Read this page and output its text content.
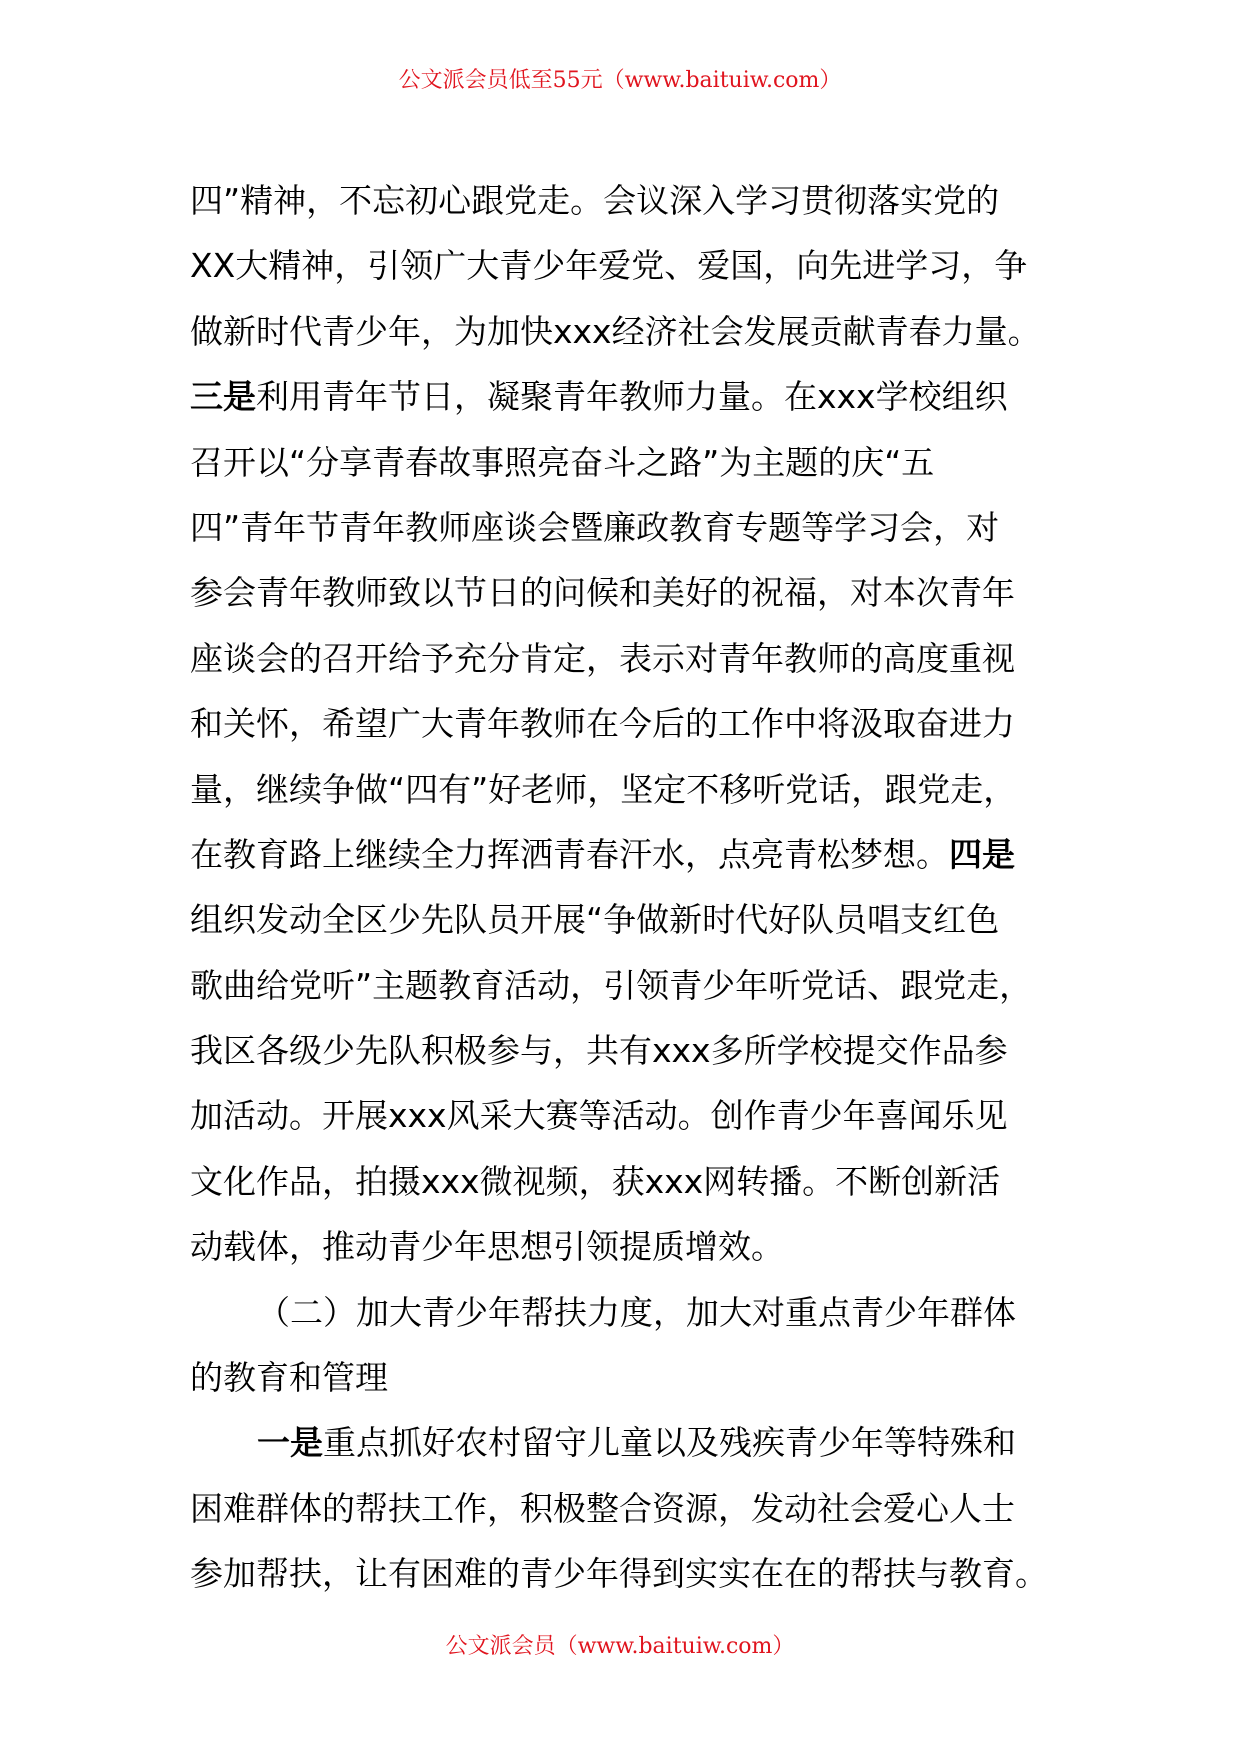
公文派会员低至55元（www.baituiw.com）
四”精神，不忘初心跟党走。会议深入学习贯彻落实党的
XX大精神，引领广大青少年爱党、爱国，向先进学习，争
做新时代青少年，为加快xxx经济社会发展贡献青春力量。
三是利用青年节日，凝聚青年教师力量。在xxx学校组织
召开以“分享青春故事照亮奋斗之路”为主题的庆“五
四”青年节青年教师座谈会暨廉政教育专题等学习会，对
参会青年教师致以节日的问候和美好的祝福，对本次青年
座谈会的召开给予充分肯定，表示对青年教师的高度重视
和关怀，希望广大青年教师在今后的工作中将汲取奋进力
量，继续争做“四有”好老师，坚定不移听党话，跟党走，
在教育路上继续全力挥洒青春汗水，点亮青松梦想。四是
组织发动全区少先队员开展“争做新时代好队员唱支红色
歌曲给党听”主题教育活动，引领青少年听党话、跟党走，
我区各级少先队积极参与，共有xxx多所学校提交作品参
加活动。开展xxx风采大赛等活动。创作青少年喜闻乐见
文化作品，拍摄xxx微视频，获xxx网转播。不断创新活
动载体，推动青少年思想引领提质增效。
（二）加大青少年帮扶力度，加大对重点青少年群体
的教育和管理
一是重点抓好农村留守儿童以及残疾青少年等特殊和
困难群体的帮扶工作，积极整合资源，发动社会爱心人士
参加帮扶，让有困难的青少年得到实实在在的帮扶与教育。
公文派会员（www.baituiw.com）
